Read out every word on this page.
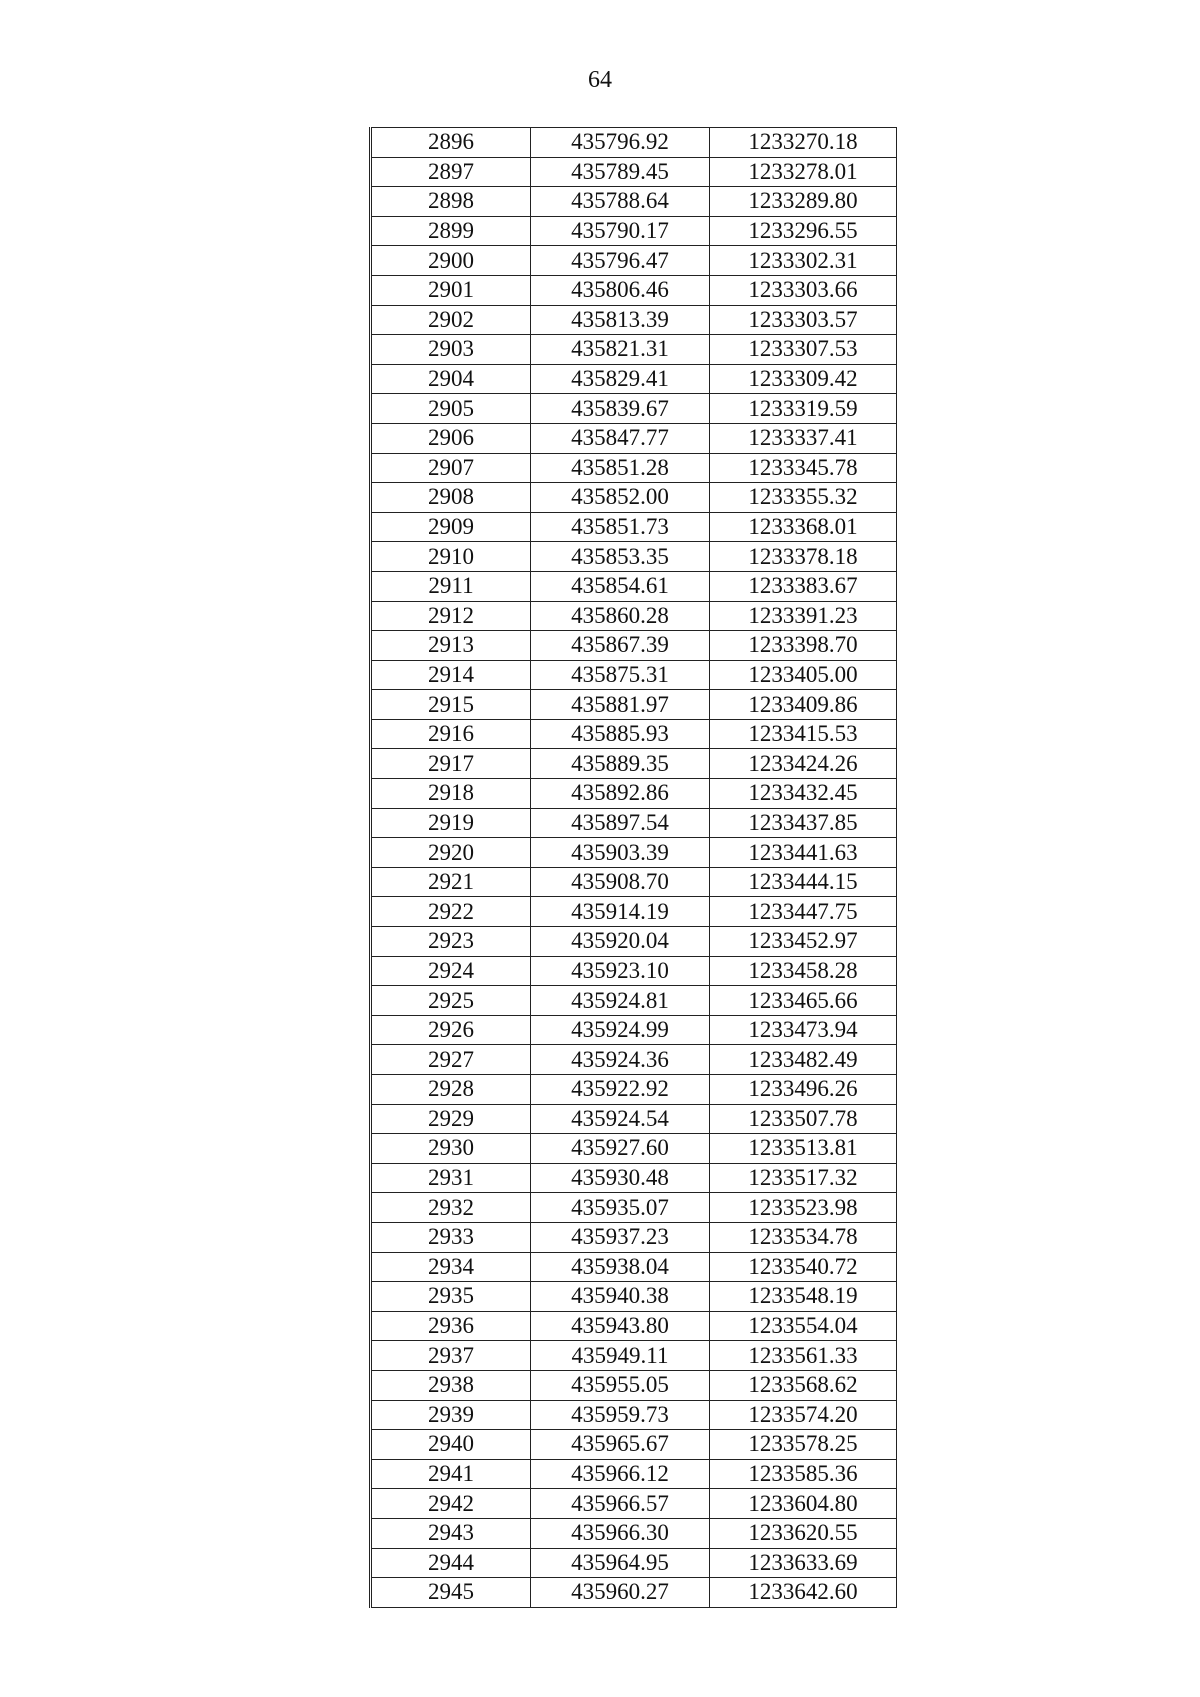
64
2896	435796.92	1233270.18
2897	435789.45	1233278.01
2898	435788.64	1233289.80
2899	435790.17	1233296.55
2900	435796.47	1233302.31
2901	435806.46	1233303.66
2902	435813.39	1233303.57
2903	435821.31	1233307.53
2904	435829.41	1233309.42
2905	435839.67	1233319.59
2906	435847.77	1233337.41
2907	435851.28	1233345.78
2908	435852.00	1233355.32
2909	435851.73	1233368.01
2910	435853.35	1233378.18
2911	435854.61	1233383.67
2912	435860.28	1233391.23
2913	435867.39	1233398.70
2914	435875.31	1233405.00
2915	435881.97	1233409.86
2916	435885.93	1233415.53
2917	435889.35	1233424.26
2918	435892.86	1233432.45
2919	435897.54	1233437.85
2920	435903.39	1233441.63
2921	435908.70	1233444.15
2922	435914.19	1233447.75
2923	435920.04	1233452.97
2924	435923.10	1233458.28
2925	435924.81	1233465.66
2926	435924.99	1233473.94
2927	435924.36	1233482.49
2928	435922.92	1233496.26
2929	435924.54	1233507.78
2930	435927.60	1233513.81
2931	435930.48	1233517.32
2932	435935.07	1233523.98
2933	435937.23	1233534.78
2934	435938.04	1233540.72
2935	435940.38	1233548.19
2936	435943.80	1233554.04
2937	435949.11	1233561.33
2938	435955.05	1233568.62
2939	435959.73	1233574.20
2940	435965.67	1233578.25
2941	435966.12	1233585.36
2942	435966.57	1233604.80
2943	435966.30	1233620.55
2944	435964.95	1233633.69
2945	435960.27	1233642.60
